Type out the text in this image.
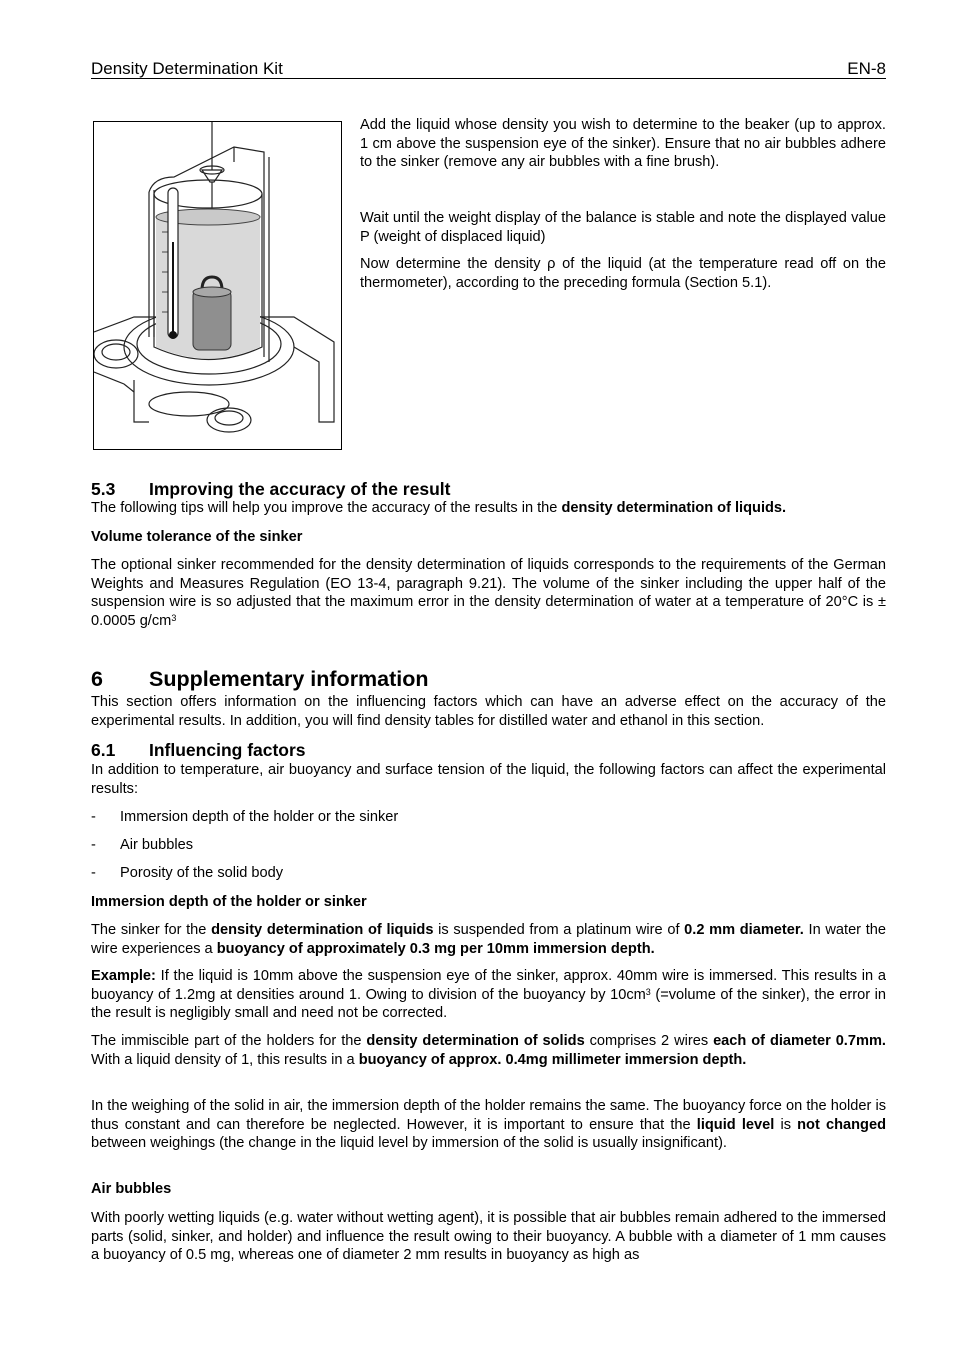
Density Determination Kit	EN-8
Add the liquid whose density you wish to determine to the beaker (up to approx. 1 cm above the suspension eye of the sinker). Ensure that no air bubbles adhere to the sinker (remove any air bubbles with a fine brush).
Wait until the weight display of the balance is stable and note the displayed value P (weight of displaced liquid)
Now determine the density ρ of the liquid (at the temperature read off on the thermometer), according to the preceding formula (Section 5.1).
5.3 Improving the accuracy of the result
The following tips will help you improve the accuracy of the results in the density determination of liquids.
Volume tolerance of the sinker
The optional sinker recommended for the density determination of liquids corresponds to the requirements of the German Weights and Measures Regulation (EO 13-4, paragraph 9.21). The volume of the sinker including the upper half of the suspension wire is so adjusted that the maximum error in the density determination of water at a temperature of 20°C is ± 0.0005 $g/cm^3$
6 Supplementary information
This section offers information on the influencing factors which can have an adverse effect on the accuracy of the experimental results. In addition, you will find density tables for distilled water and ethanol in this section.
6.1 Influencing factors
In addition to temperature, air buoyancy and surface tension of the liquid, the following factors can affect the experimental results:
- Immersion depth of the holder or the sinker
- Air bubbles
- Porosity of the solid body
Immersion depth of the holder or sinker
The sinker for the density determination of liquids is suspended from a platinum wire of 0.2 mm diameter. In water the wire experiences a buoyancy of approximately 0.3 mg per 10mm immersion depth.
Example: If the liquid is 10mm above the suspension eye of the sinker, approx. 40mm wire is immersed. This results in a buoyancy of 1.2mg at densities around 1. Owing to division of the buoyancy by $10cm^3$ (=volume of the sinker), the error in the result is negligibly small and need not be corrected.
The immiscible part of the holders for the density determination of solids comprises 2 wires each of diameter 0.7mm. With a liquid density of 1, this results in a buoyancy of approx. 0.4mg millimeter immersion depth.
In the weighing of the solid in air, the immersion depth of the holder remains the same. The buoyancy force on the holder is thus constant and can therefore be neglected. However, it is important to ensure that the liquid level is not changed between weighings (the change in the liquid level by immersion of the solid is usually insignificant).
Air bubbles
With poorly wetting liquids (e.g. water without wetting agent), it is possible that air bubbles remain adhered to the immersed parts (solid, sinker, and holder) and influence the result owing to their buoyancy. A bubble with a diameter of 1 mm causes a buoyancy of 0.5 mg, whereas one of diameter 2 mm results in buoyancy as high as
